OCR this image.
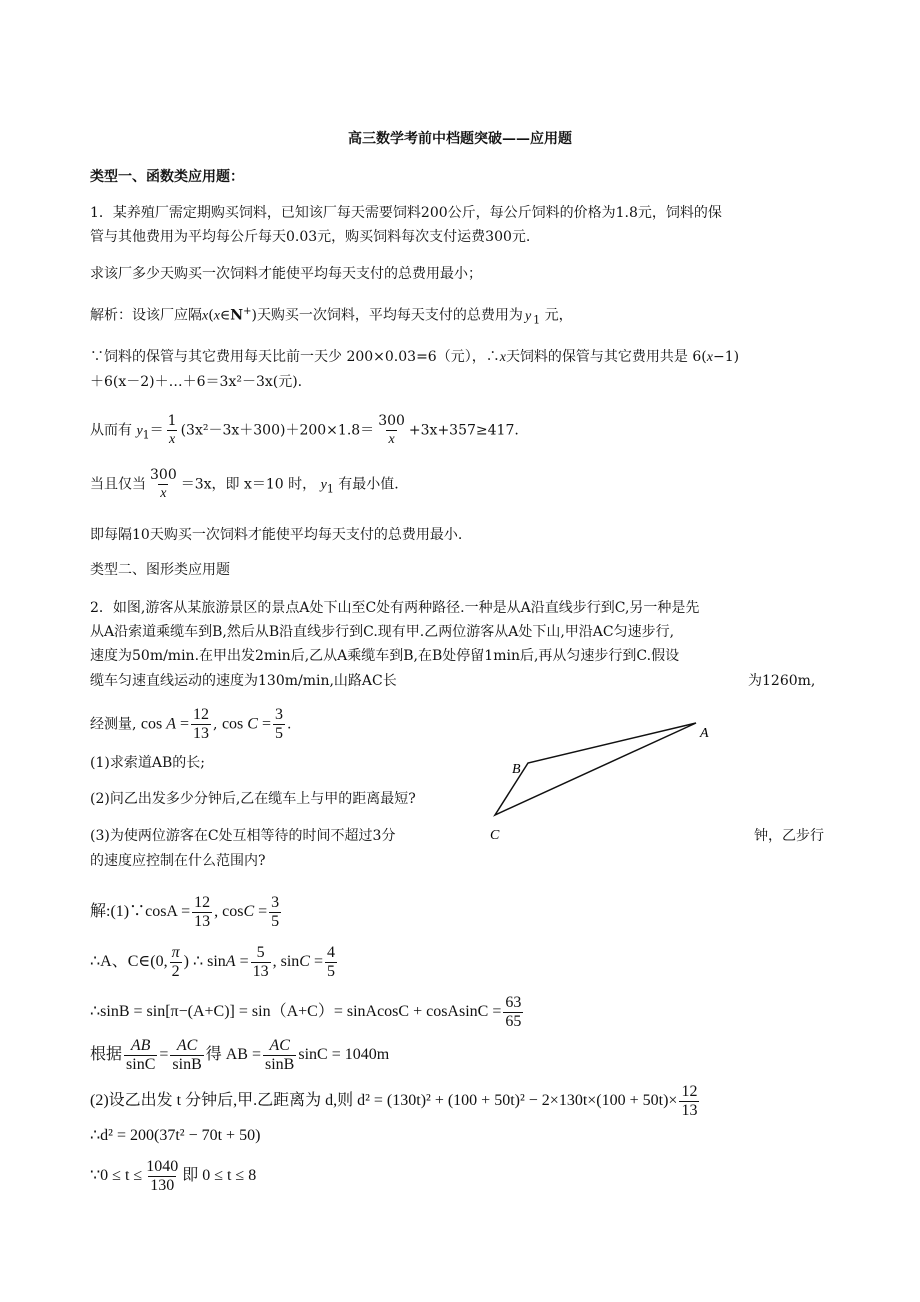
高三数学考前中档题突破——应用题
类型一、函数类应用题：
1．某养殖厂需定期购买饲料，已知该厂每天需要饲料200公斤，每公斤饲料的价格为1.8元，饲料的保
管与其他费用为平均每公斤每天0.03元，购买饲料每次支付运费300元.
求该厂多少天购买一次饲料才能使平均每天支付的总费用最小；
解析：设该厂应隔x(x∈N+)天购买一次饲料，平均每天支付的总费用为 y $_1$ 元，
∵饲料的保管与其它费用每天比前一天少 200×0.03=6（元），∴x天饲料的保管与其它费用共是 6(x−1)
＋6(x－2)＋…＋6＝3x²－3x(元).
从而有 $y_1= \frac{1}{x} (3x^2-3x+300)+200\times 1.8= \frac{300}{x} +3x+357\ge 417$.
当且仅当 $\frac{300}{x} =3x$，即 x＝10 时， $y_1$ 有最小值.
即每隔10天购买一次饲料才能使平均每天支付的总费用最小.
类型二、图形类应用题
2．如图,游客从某旅游景区的景点A处下山至C处有两种路径.一种是从A沿直线步行到C,另一种是先
从A沿索道乘缆车到B,然后从B沿直线步行到C.现有甲.乙两位游客从A处下山,甲沿AC匀速步行,
速度为50m/min.在甲出发2min后,乙从A乘缆车到B,在B处停留1min后,再从匀速步行到C.假设
缆车匀速直线运动的速度为130m/min,山路AC长	为1260m,
经测量, $\cos A = \frac{12}{13}$ , $\cos C = \frac{3}{5}$ .
A
B
C
(1)求索道AB的长;
(2)问乙出发多少分钟后,乙在缆车上与甲的距离最短?
(3)为使两位游客在C处互相等待的时间不超过3分	钟，乙步行
的速度应控制在什么范围内?
解:(1)∵cosA = $\frac{12}{13}$ , $\cos C = \frac{3}{5}$
∴A、C∈(0, $\frac{\pi}{2}$ ) ∴ $\sin A = \frac{5}{13}$ , $\sin C = \frac{4}{5}$
∴sinB = sin[π−(A+C)] = sin（A+C）= sinAcosC + cosAsinC = $\frac{63}{65}$
根据 $\frac{AB}{\sin C} = \frac{AC}{\sin B}$ 得 AB = $\frac{AC}{\sin B}$ sinC = 1040m
(2)设乙出发 t 分钟后,甲.乙距离为 d,则 $d^2 = (130t)^2 + (100 + 50t)^2 - 2\times 130t\times(100 + 50t)\times \frac{12}{13}$
∴d² = 200(37t² − 70t + 50)
∵0 ≤ $t \le \frac{1040}{130}$ 即 0 ≤ t ≤ 8
